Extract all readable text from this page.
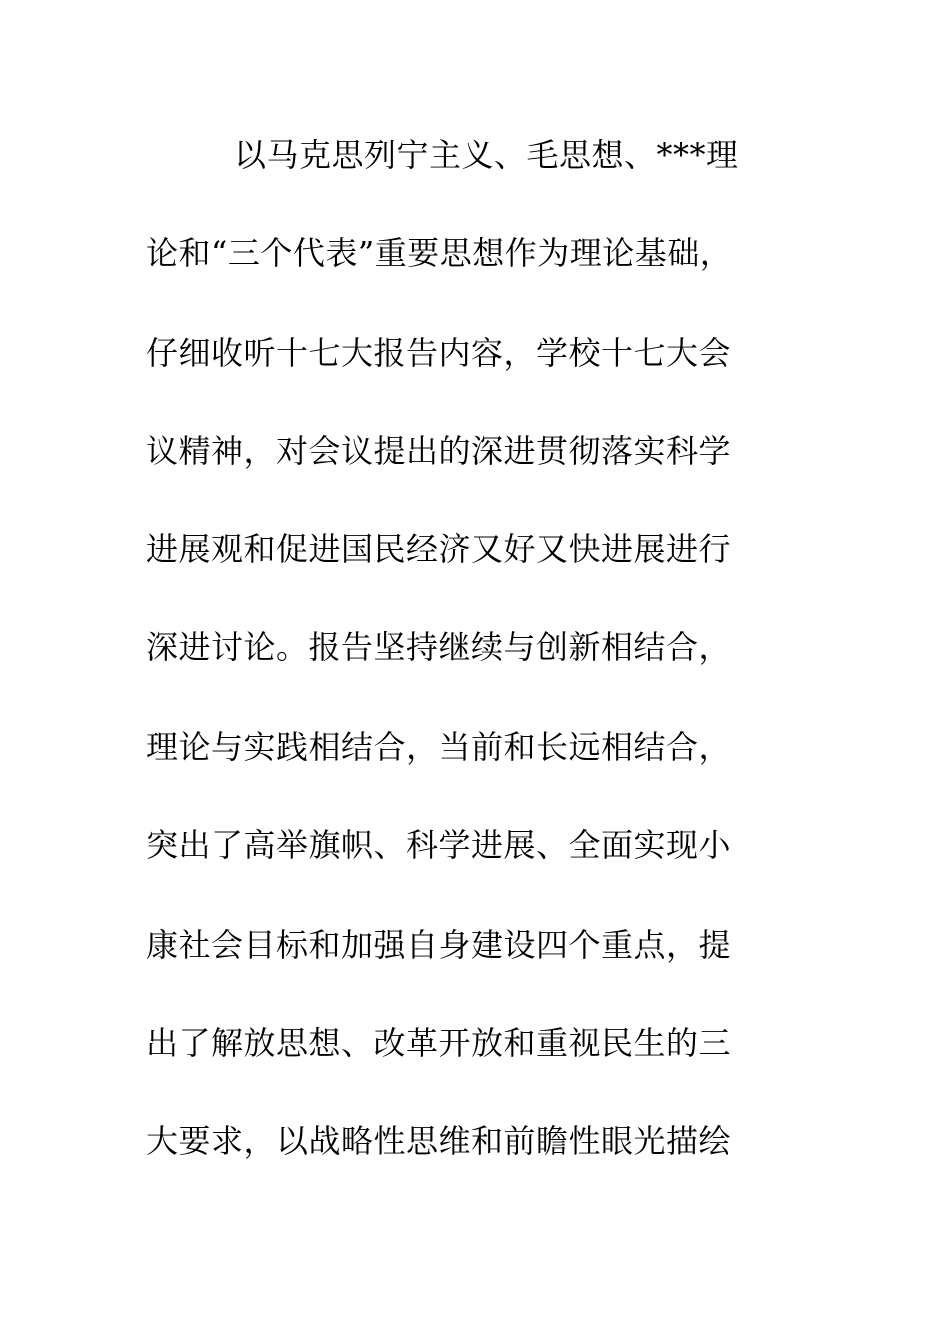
以马克思列宁主义、毛思想、***理
论和“三个代表”重要思想作为理论基础，
仔细收听十七大报告内容，学校十七大会
议精神，对会议提出的深进贯彻落实科学
进展观和促进国民经济又好又快进展进行
深进讨论。报告坚持继续与创新相结合，
理论与实践相结合，当前和长远相结合，
突出了高举旗帜、科学进展、全面实现小
康社会目标和加强自身建设四个重点，提
出了解放思想、改革开放和重视民生的三
大要求，以战略性思维和前瞻性眼光描绘
